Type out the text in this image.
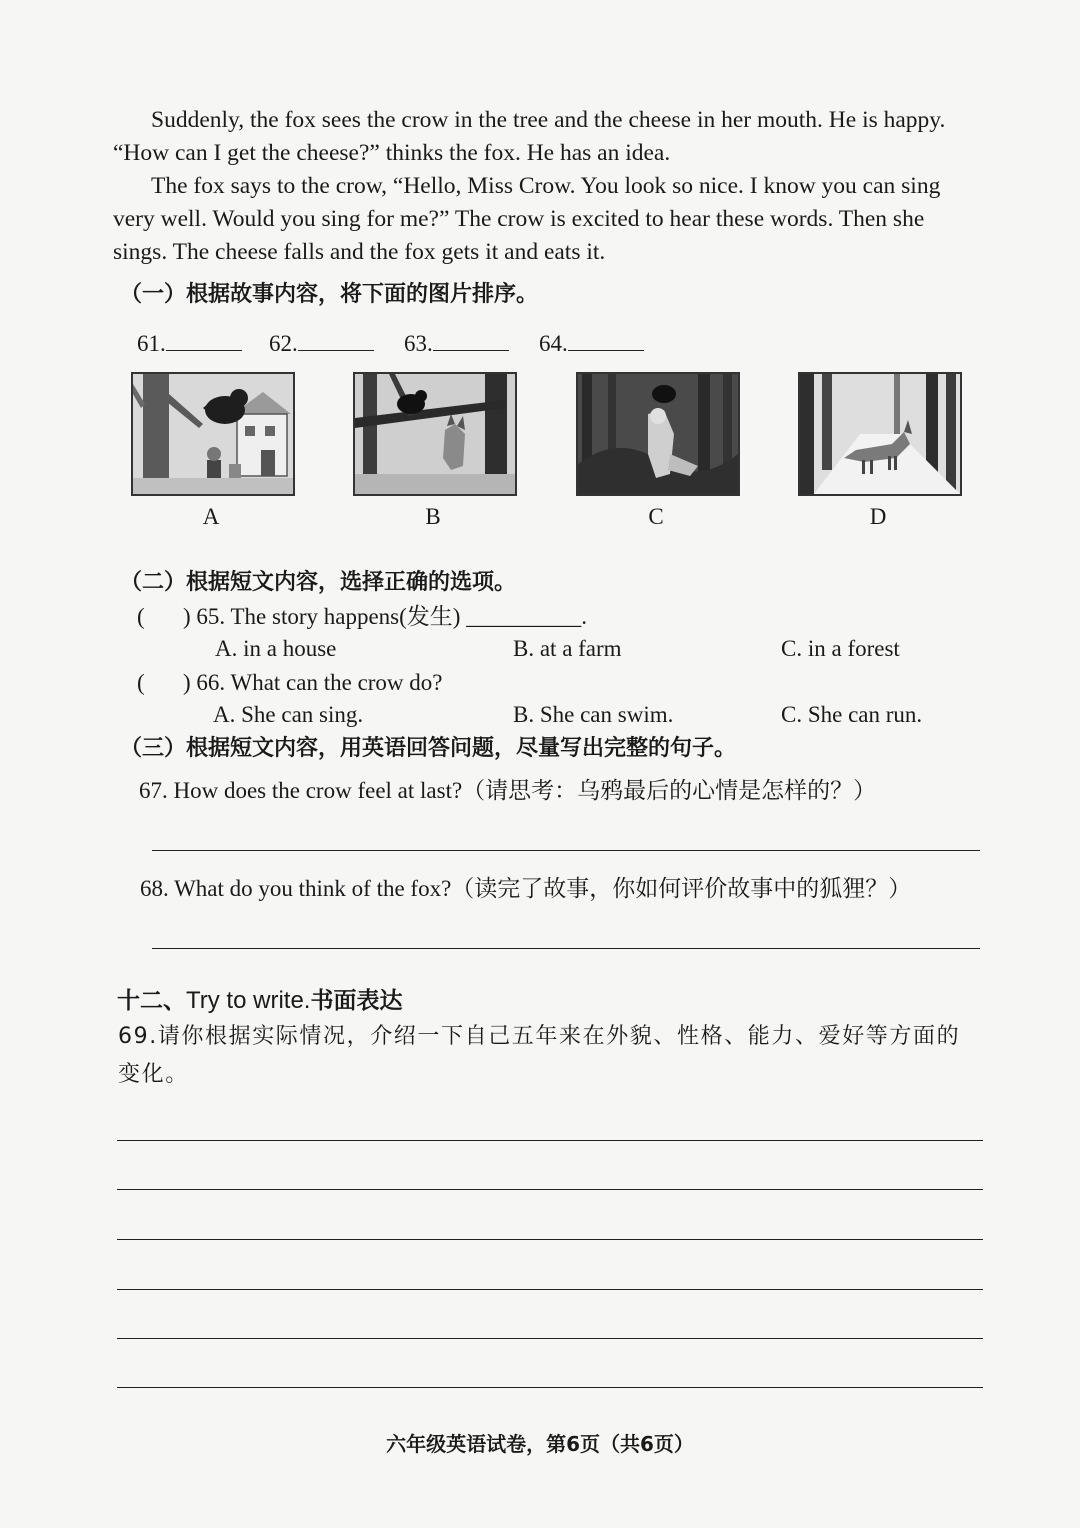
Suddenly, the fox sees the crow in the tree and the cheese in her mouth. He is happy. “How can I get the cheese?” thinks the fox. He has an idea.

The fox says to the crow, “Hello, Miss Crow. You look so nice. I know you can sing very well. Would you sing for me?” The crow is excited to hear these words. Then she sings. The cheese falls and the fox gets it and eats it.

（一）根据故事内容，将下面的图片排序。
61.	62.	63.	64.
A	B	C	D
（二）根据短文内容，选择正确的选项。
( ) 65. The story happens(发生) __________.
A. in a house	B. at a farm	C. in a forest
( ) 66. What can the crow do?
A. She can sing.	B. She can swim.	C. She can run.
（三）根据短文内容，用英语回答问题，尽量写出完整的句子。
67. How does the crow feel at last?（请思考：乌鸦最后的心情是怎样的？）
68. What do you think of the fox?（读完了故事，你如何评价故事中的狐狸？）
十二、Try to write.书面表达
69.请你根据实际情况，介绍一下自己五年来在外貌、性格、能力、爱好等方面的变化。
六年级英语试卷，第6页（共6页）
